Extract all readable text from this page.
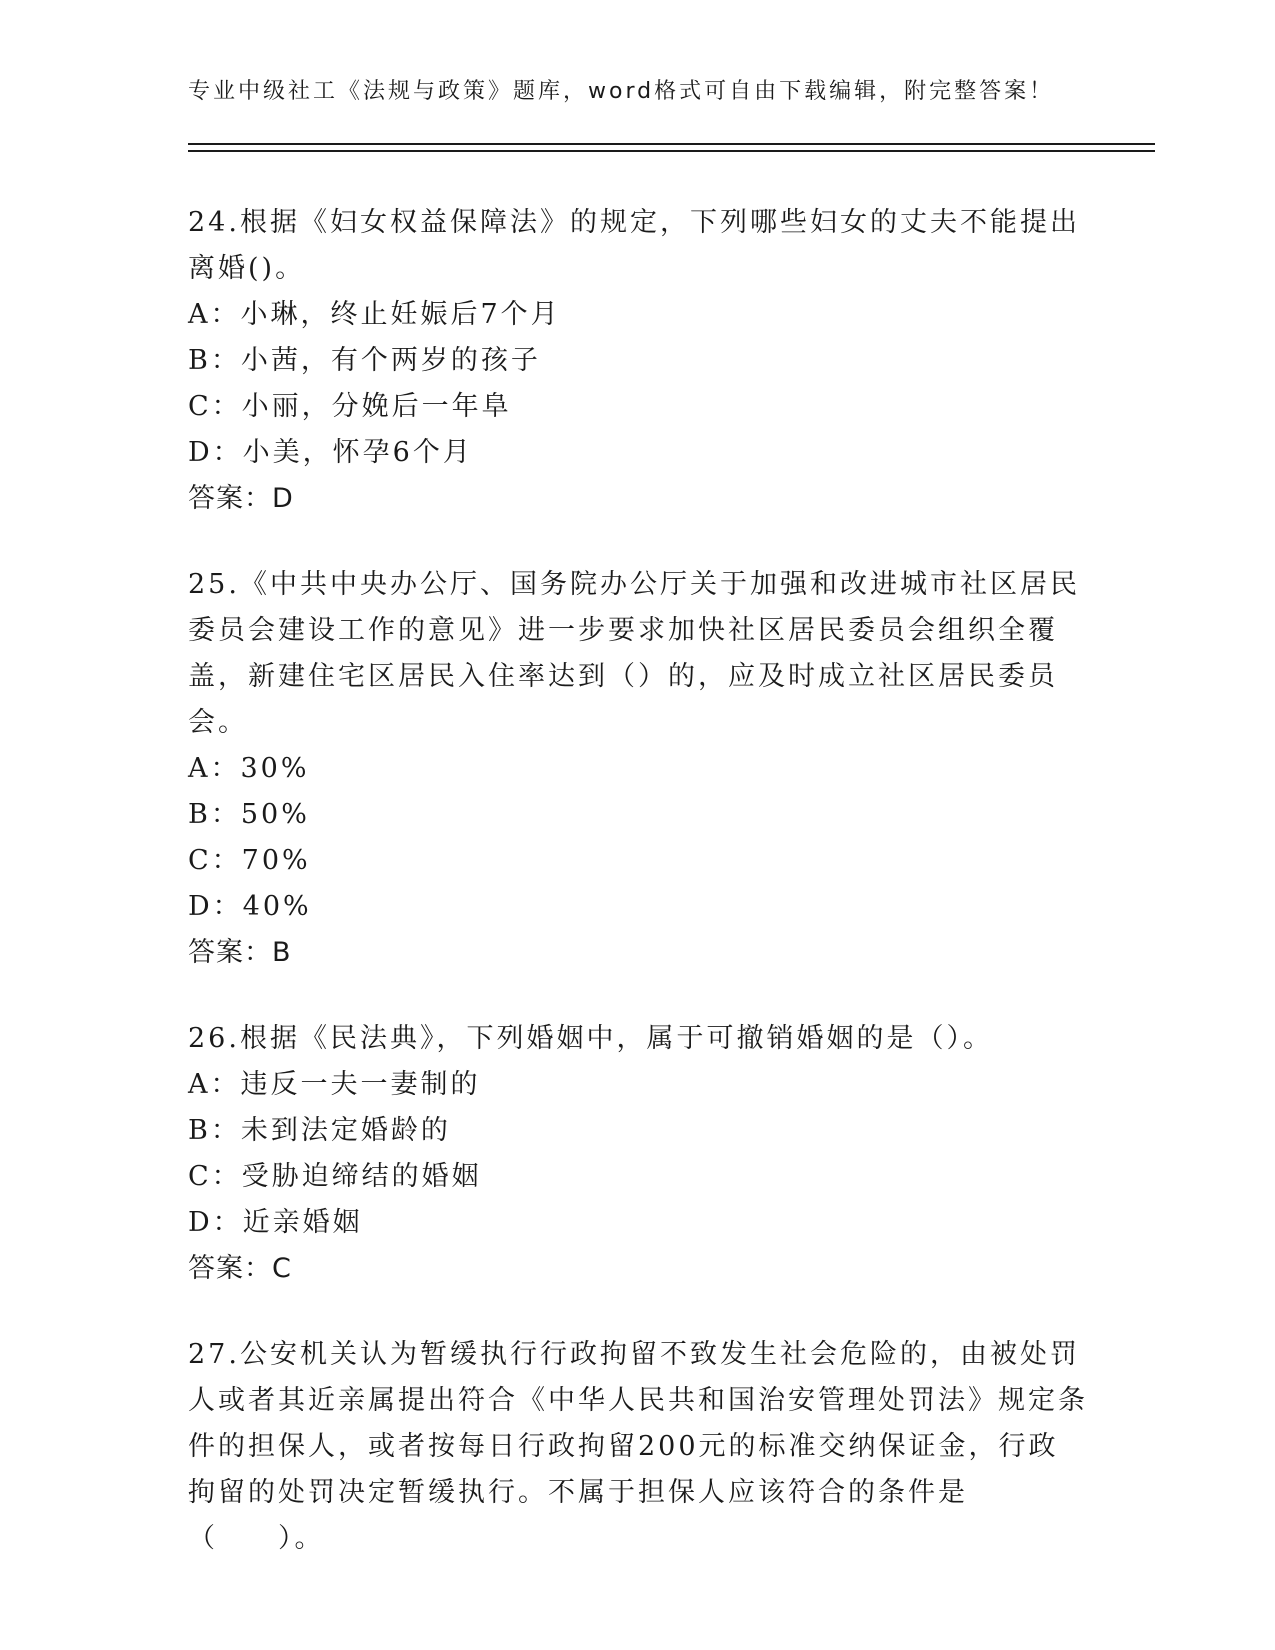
专业中级社工《法规与政策》题库，word格式可自由下载编辑，附完整答案！

24.根据《妇女权益保障法》的规定，下列哪些妇女的丈夫不能提出离婚()。

A：小琳，终止妊娠后7个月

B：小茜，有个两岁的孩子

C：小丽，分娩后一年阜

D：小美，怀孕6个月

答案：D

25.《中共中央办公厅、国务院办公厅关于加强和改进城市社区居民委员会建设工作的意见》进一步要求加快社区居民委员会组织全覆盖，新建住宅区居民入住率达到（）的，应及时成立社区居民委员会。

A：30%

B：50%

C：70%

D：40%

答案：B

26.根据《民法典》，下列婚姻中，属于可撤销婚姻的是（）。

A：违反一夫一妻制的

B：未到法定婚龄的

C：受胁迫缔结的婚姻

D：近亲婚姻

答案：C

27.公安机关认为暂缓执行行政拘留不致发生社会危险的，由被处罚人或者其近亲属提出符合《中华人民共和国治安管理处罚法》规定条件的担保人，或者按每日行政拘留200元的标准交纳保证金，行政拘留的处罚决定暂缓执行。不属于担保人应该符合的条件是（　　）。
